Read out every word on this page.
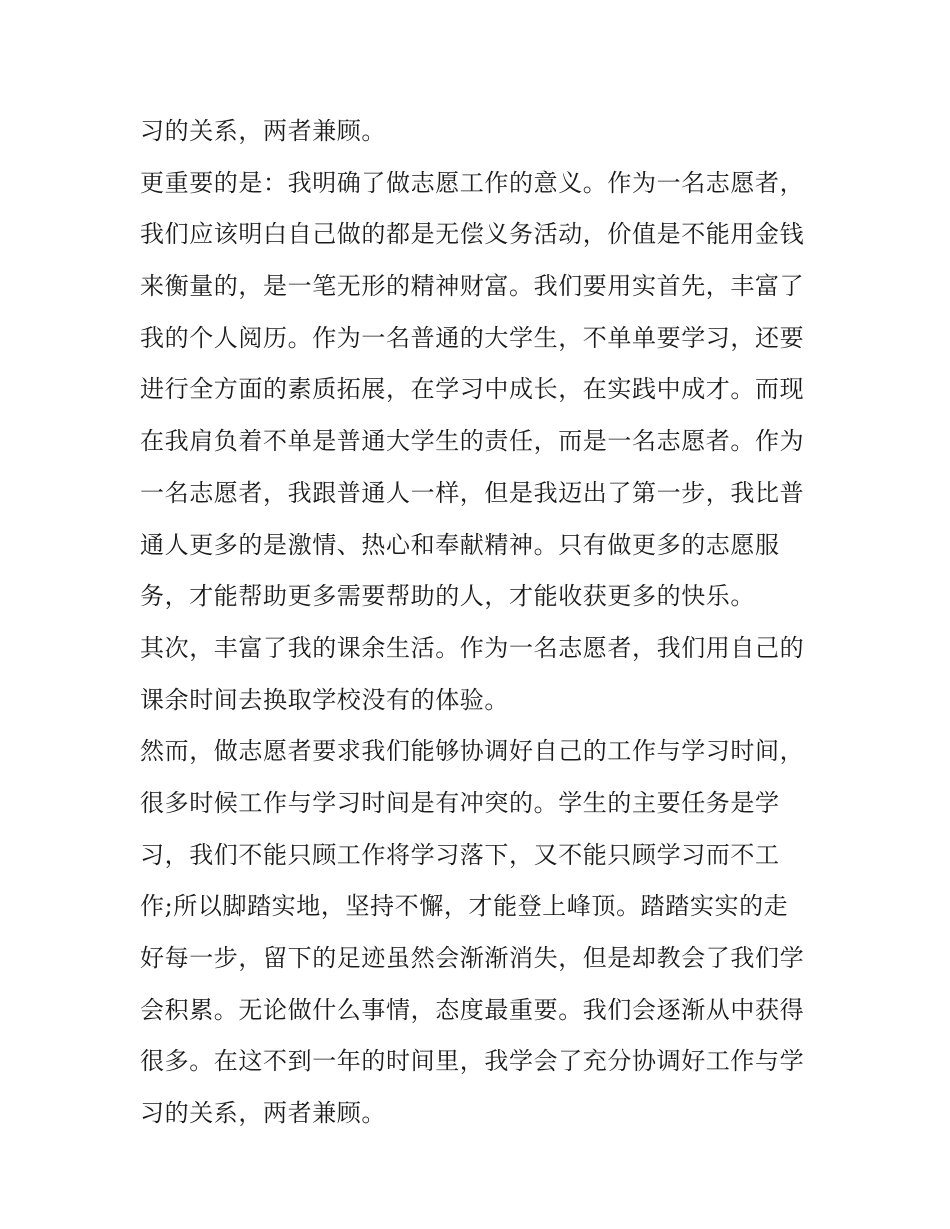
习的关系，两者兼顾。
更重要的是：我明确了做志愿工作的意义。作为一名志愿者，
我们应该明白自己做的都是无偿义务活动，价值是不能用金钱
来衡量的，是一笔无形的精神财富。我们要用实首先，丰富了
我的个人阅历。作为一名普通的大学生，不单单要学习，还要
进行全方面的素质拓展，在学习中成长，在实践中成才。而现
在我肩负着不单是普通大学生的责任，而是一名志愿者。作为
一名志愿者，我跟普通人一样，但是我迈出了第一步，我比普
通人更多的是激情、热心和奉献精神。只有做更多的志愿服
务，才能帮助更多需要帮助的人，才能收获更多的快乐。
其次，丰富了我的课余生活。作为一名志愿者，我们用自己的
课余时间去换取学校没有的体验。
然而，做志愿者要求我们能够协调好自己的工作与学习时间，
很多时候工作与学习时间是有冲突的。学生的主要任务是学
习，我们不能只顾工作将学习落下，又不能只顾学习而不工
作;所以脚踏实地，坚持不懈，才能登上峰顶。踏踏实实的走
好每一步，留下的足迹虽然会渐渐消失，但是却教会了我们学
会积累。无论做什么事情，态度最重要。我们会逐渐从中获得
很多。在这不到一年的时间里，我学会了充分协调好工作与学
习的关系，两者兼顾。
